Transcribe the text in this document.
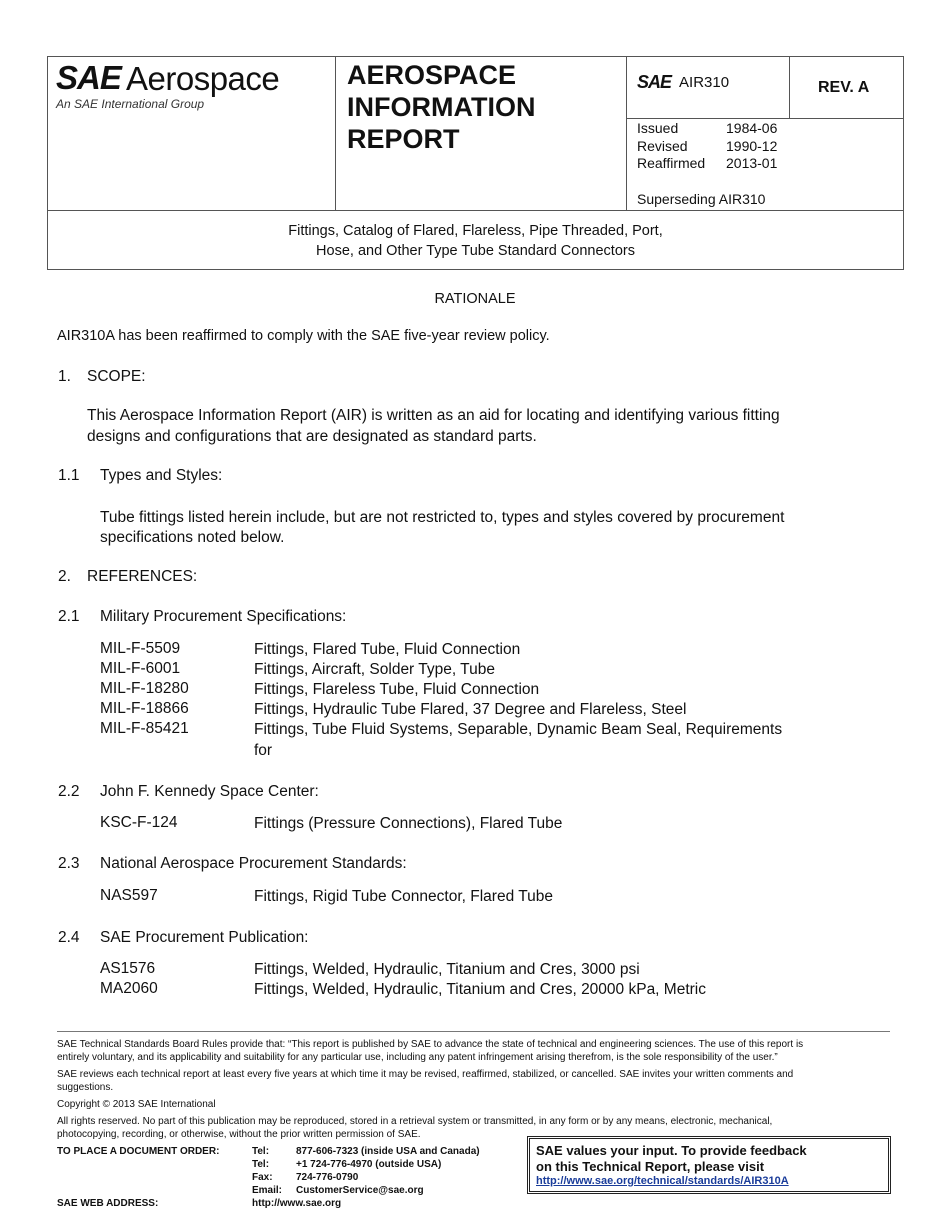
SAE Aerospace
An SAE International Group
AEROSPACE
INFORMATION
REPORT
SAE AIR310	REV. A
Issued	1984-06
Revised	1990-12
Reaffirmed	2013-01
Superseding AIR310
Fittings, Catalog of Flared, Flareless, Pipe Threaded, Port,
Hose, and Other Type Tube Standard Connectors
RATIONALE
AIR310A has been reaffirmed to comply with the SAE five-year review policy.
1. SCOPE:
This Aerospace Information Report (AIR) is written as an aid for locating and identifying various fitting
designs and configurations that are designated as standard parts.
1.1 Types and Styles:
Tube fittings listed herein include, but are not restricted to, types and styles covered by procurement
specifications noted below.
2. REFERENCES:
2.1 Military Procurement Specifications:
MIL-F-5509	Fittings, Flared Tube, Fluid Connection
MIL-F-6001	Fittings, Aircraft, Solder Type, Tube
MIL-F-18280	Fittings, Flareless Tube, Fluid Connection
MIL-F-18866	Fittings, Hydraulic Tube Flared, 37 Degree and Flareless, Steel
MIL-F-85421	Fittings, Tube Fluid Systems, Separable, Dynamic Beam Seal, Requirements
for
2.2 John F. Kennedy Space Center:
KSC-F-124	Fittings (Pressure Connections), Flared Tube
2.3 National Aerospace Procurement Standards:
NAS597	Fittings, Rigid Tube Connector, Flared Tube
2.4 SAE Procurement Publication:
AS1576	Fittings, Welded, Hydraulic, Titanium and Cres, 3000 psi
MA2060	Fittings, Welded, Hydraulic, Titanium and Cres, 20000 kPa, Metric
SAE Technical Standards Board Rules provide that: “This report is published by SAE to advance the state of technical and engineering sciences. The use of this report is
entirely voluntary, and its applicability and suitability for any particular use, including any patent infringement arising therefrom, is the sole responsibility of the user.”
SAE reviews each technical report at least every five years at which time it may be revised, reaffirmed, stabilized, or cancelled. SAE invites your written comments and
suggestions.
Copyright © 2013 SAE International
All rights reserved. No part of this publication may be reproduced, stored in a retrieval system or transmitted, in any form or by any means, electronic, mechanical,
photocopying, recording, or otherwise, without the prior written permission of SAE.
TO PLACE A DOCUMENT ORDER:	Tel:	877-606-7323 (inside USA and Canada)
Tel:	+1 724-776-4970 (outside USA)
Fax: 724-776-0790
Email: CustomerService@sae.org
SAE WEB ADDRESS:	http://www.sae.org
SAE values your input. To provide feedback
on this Technical Report, please visit
http://www.sae.org/technical/standards/AIR310A
